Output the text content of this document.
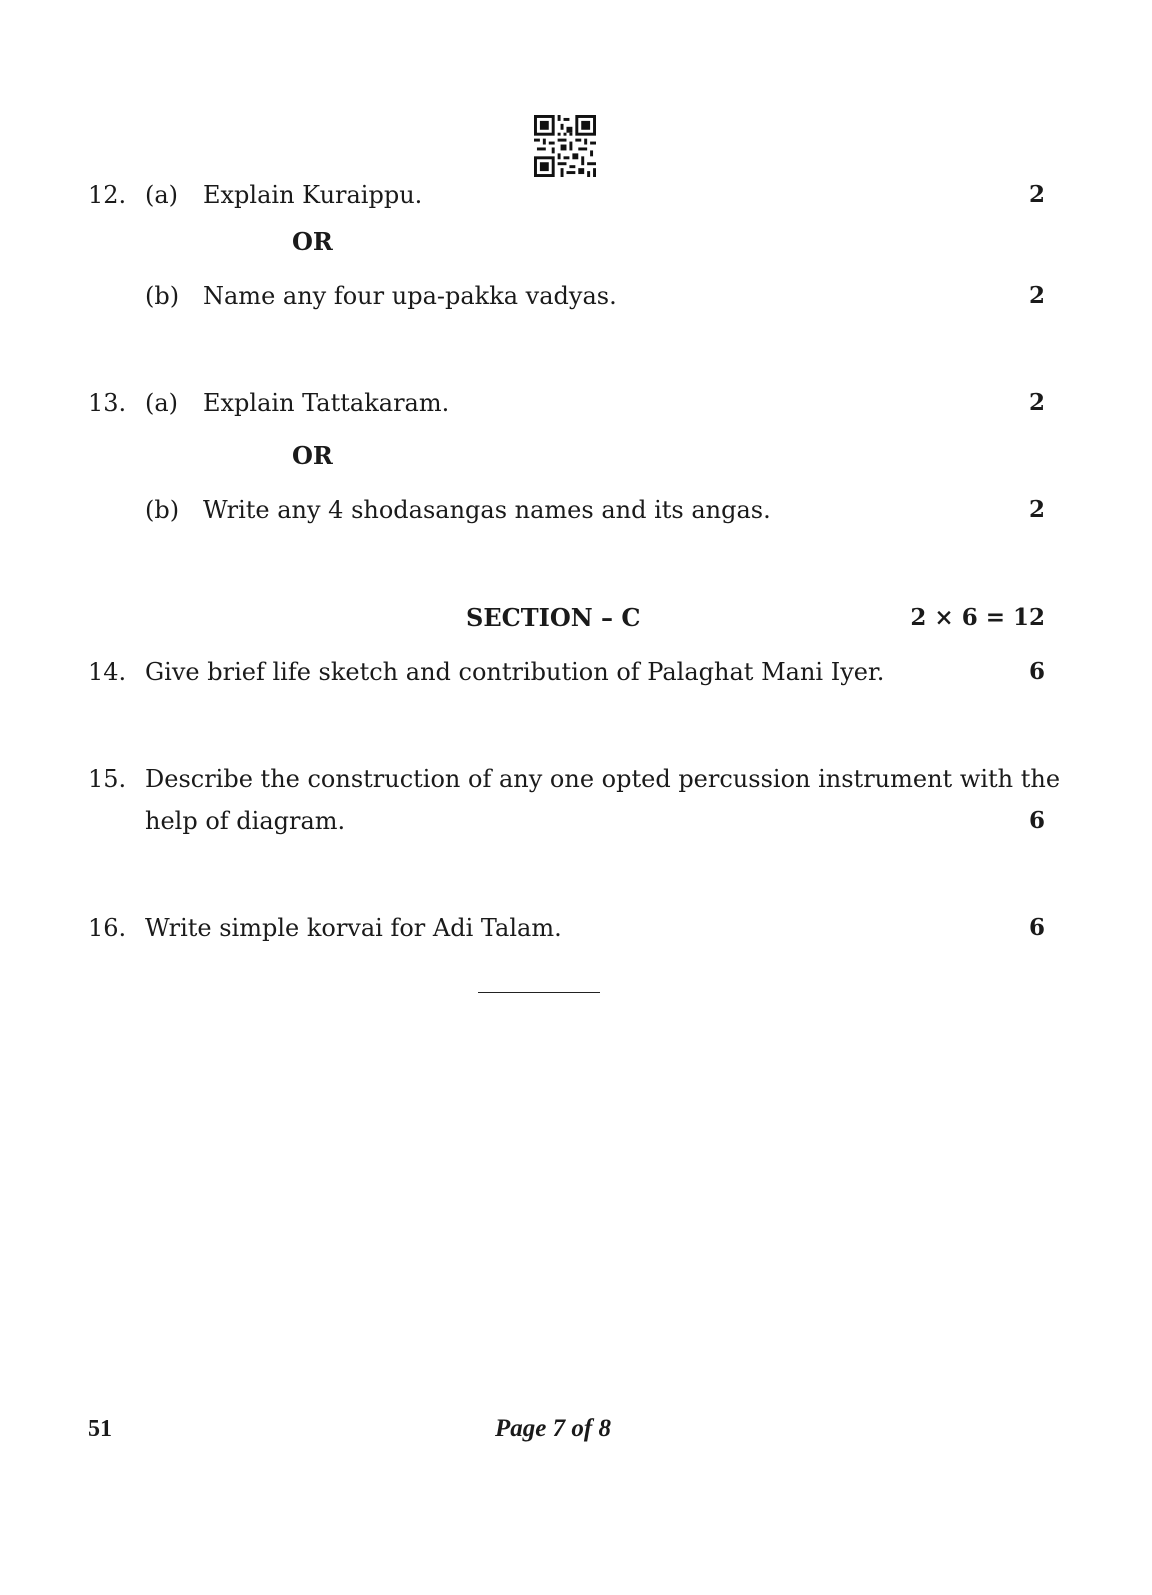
12. (a) Explain Kuraippu.	2
OR
(b) Name any four upa-pakka vadyas.	2
13. (a) Explain Tattakaram.	2
OR
(b) Write any 4 shodasangas names and its angas.	2
SECTION – C	2 × 6 = 12
14. Give brief life sketch and contribution of Palaghat Mani Iyer.	6
15. Describe the construction of any one opted percussion instrument with the
help of diagram.	6
16. Write simple korvai for Adi Talam.	6
51	Page 7 of 8
